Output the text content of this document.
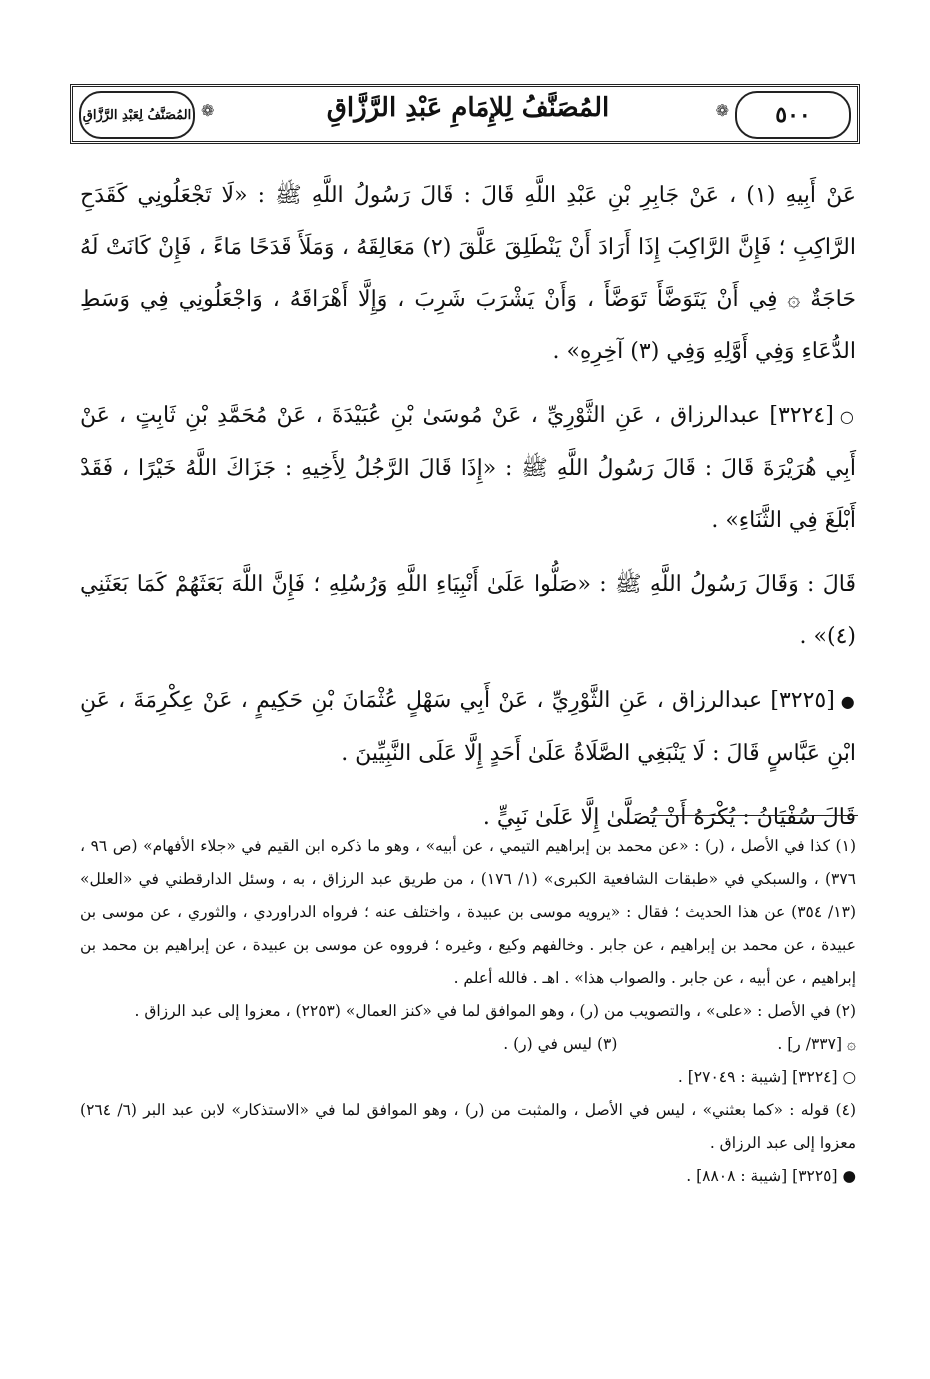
المُصَنَّفُ لِعَبْدِ الرَّزَّاقِ ❁	المُصَنَّفُ لِلإِمَامِ عَبْدِ الرَّزَّاقِ	❁	٥٠٠

عَنْ أَبِيهِ (١) ، عَنْ جَابِرِ بْنِ عَبْدِ اللَّهِ قَالَ : قَالَ رَسُولُ اللَّهِ ﷺ : «لَا تَجْعَلُونِي كَقَدَحِ الرَّاكِبِ ؛ فَإِنَّ الرَّاكِبَ إِذَا أَرَادَ أَنْ يَنْطَلِقَ عَلَّقَ (٢) مَعَالِقَهُ ، وَمَلَأَ قَدَحًا مَاءً ، فَإِنْ كَانَتْ لَهُ حَاجَةٌ ۞ فِي أَنْ يَتَوَضَّأَ تَوَضَّأَ ، وَأَنْ يَشْرَبَ شَرِبَ ، وَإِلَّا أَهْرَاقَهُ ، وَاجْعَلُونِي فِي وَسَطِ الدُّعَاءِ وَفِي أَوَّلِهِ وَفِي (٣) آخِرِهِ» .

○[٣٢٢٤] عبدالرزاق ، عَنِ الثَّوْرِيِّ ، عَنْ مُوسَىٰ بْنِ عُبَيْدَةَ ، عَنْ مُحَمَّدِ بْنِ ثَابِتٍ ، عَنْ أَبِي هُرَيْرَةَ قَالَ : قَالَ رَسُولُ اللَّهِ ﷺ : «إِذَا قَالَ الرَّجُلُ لِأَخِيهِ : جَزَاكَ اللَّهُ خَيْرًا ، فَقَدْ أَبْلَغَ فِي الثَّنَاءِ» .

قَالَ : وَقَالَ رَسُولُ اللَّهِ ﷺ : «صَلُّوا عَلَىٰ أَنْبِيَاءِ اللَّهِ وَرُسُلِهِ ؛ فَإِنَّ اللَّهَ بَعَثَهُمْ كَمَا بَعَثَنِي (٤)» .

●[٣٢٢٥] عبدالرزاق ، عَنِ الثَّوْرِيِّ ، عَنْ أَبِي سَهْلٍ عُثْمَانَ بْنِ حَكِيمٍ ، عَنْ عِكْرِمَةَ ، عَنِ ابْنِ عَبَّاسٍ قَالَ : لَا يَنْبَغِي الصَّلَاةُ عَلَىٰ أَحَدٍ إِلَّا عَلَى النَّبِيِّينَ .

قَالَ سُفْيَانُ : يُكْرَهُ أَنْ يُصَلَّىٰ إِلَّا عَلَىٰ نَبِيٍّ .

(١) كذا في الأصل ، (ر) : «عن محمد بن إبراهيم التيمي ، عن أبيه» ، وهو ما ذكره ابن القيم في «جلاء الأفهام» (ص ٩٦ ، ٣٧٦) ، والسبكي في «طبقات الشافعية الكبرى» (١/ ١٧٦) ، من طريق عبد الرزاق ، به ، وسئل الدارقطني في «العلل» (١٣/ ٣٥٤) عن هذا الحديث ؛ فقال : «يرويه موسى بن عبيدة ، واختلف عنه ؛ فرواه الدراوردي ، والثوري ، عن موسى بن عبيدة ، عن محمد بن إبراهيم ، عن جابر . وخالفهم وكيع ، وغيره ؛ فرووه عن موسى بن عبيدة ، عن إبراهيم بن محمد بن إبراهيم ، عن أبيه ، عن جابر . والصواب هذا» . اهـ . فالله أعلم .

(٢) في الأصل : «على» ، والتصويب من (ر) ، وهو الموافق لما في «كنز العمال» (٢٢٥٣) ، معزوا إلى عبد الرزاق .

۞ [٣٣٧/ ر] .
(٣) ليس في (ر) .

○ [٣٢٢٤] [شيبة : ٢٧٠٤٩] .

(٤) قوله : «كما بعثني» ، ليس في الأصل ، والمثبت من (ر) ، وهو الموافق لما في «الاستذكار» لابن عبد البر (٦/ ٢٦٤) معزوا إلى عبد الرزاق .

● [٣٢٢٥] [شيبة : ٨٨٠٨] .
